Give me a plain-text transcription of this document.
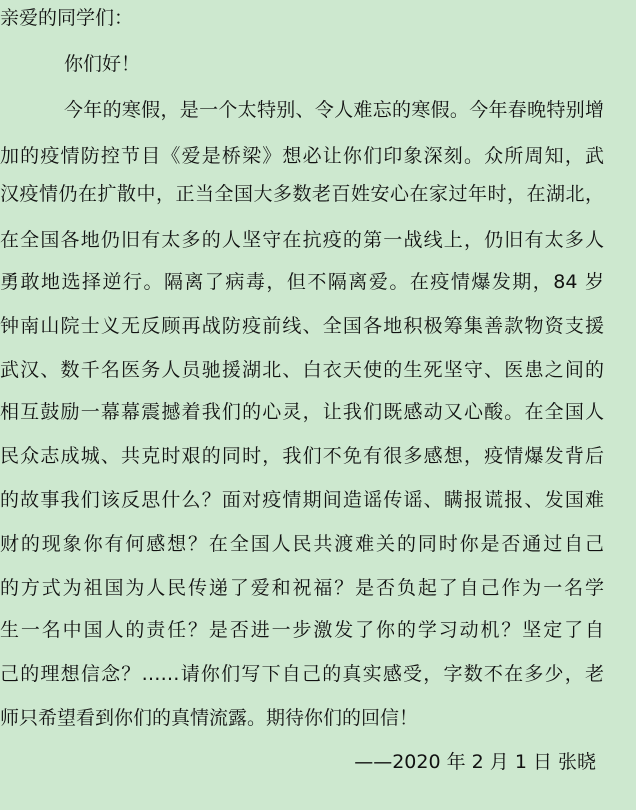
亲爱的同学们：
你们好！
今年的寒假，是一个太特别、令人难忘的寒假。今年春晚特别增
加的疫情防控节目《爱是桥梁》想必让你们印象深刻。众所周知，武
汉疫情仍在扩散中，正当全国大多数老百姓安心在家过年时，在湖北，
在全国各地仍旧有太多的人坚守在抗疫的第一战线上，仍旧有太多人
勇敢地选择逆行。隔离了病毒，但不隔离爱。在疫情爆发期，84 岁
钟南山院士义无反顾再战防疫前线、全国各地积极筹集善款物资支援
武汉、数千名医务人员驰援湖北、白衣天使的生死坚守、医患之间的
相互鼓励一幕幕震撼着我们的心灵，让我们既感动又心酸。在全国人
民众志成城、共克时艰的同时，我们不免有很多感想，疫情爆发背后
的故事我们该反思什么？面对疫情期间造谣传谣、瞒报谎报、发国难
财的现象你有何感想？在全国人民共渡难关的同时你是否通过自己
的方式为祖国为人民传递了爱和祝福？是否负起了自己作为一名学
生一名中国人的责任？是否进一步激发了你的学习动机？坚定了自
己的理想信念？……请你们写下自己的真实感受，字数不在多少，老
师只希望看到你们的真情流露。期待你们的回信！
——2020 年 2 月 1 日 张晓
